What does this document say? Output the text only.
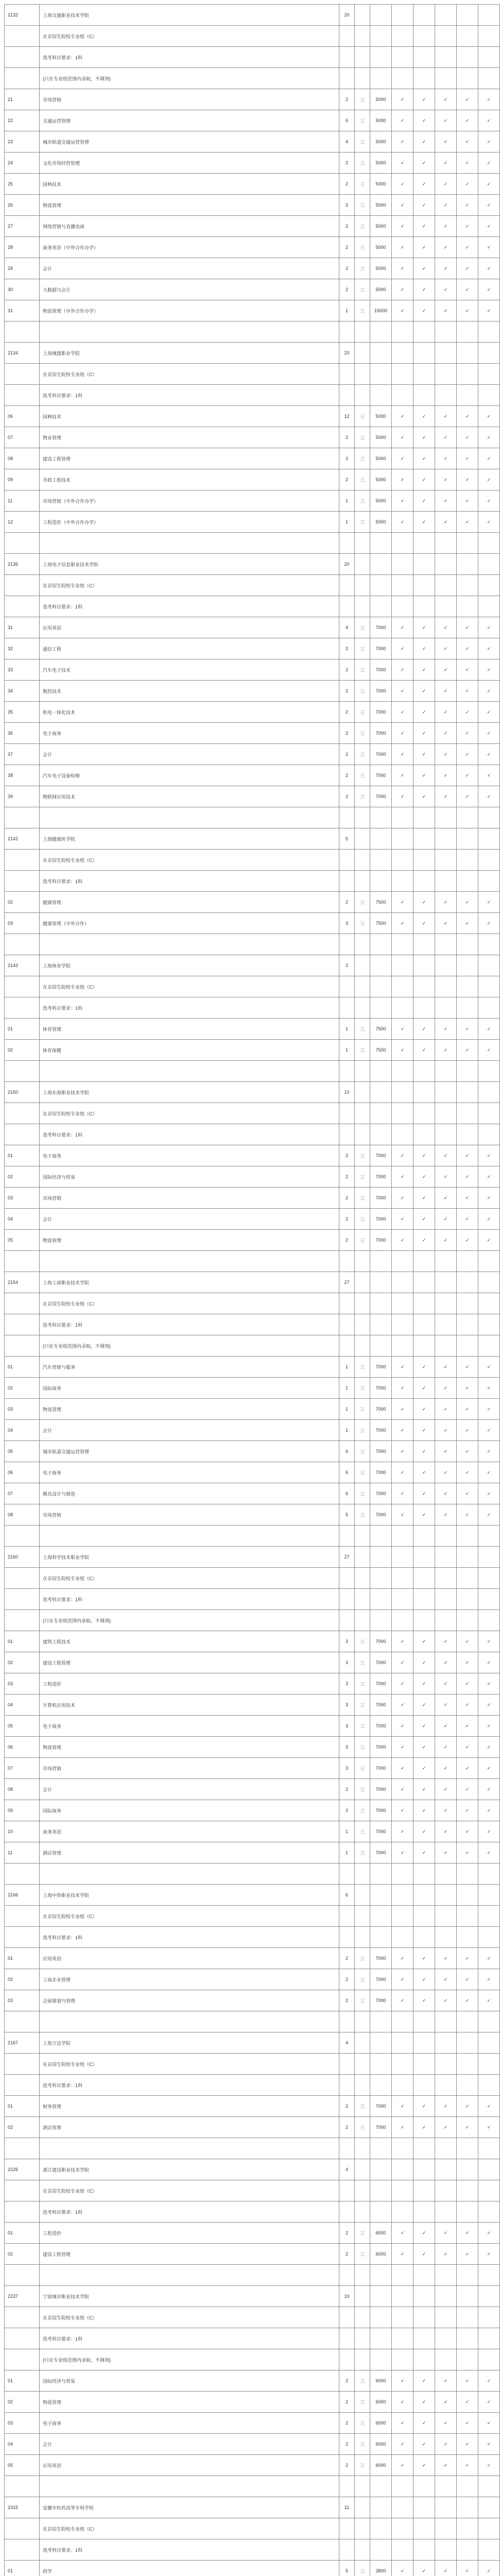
2132	上海交通职业技术学院	20							
	在京招生院校专业组（C）								
	选考科目要求：1科								
	(只在专业组范围内录取，不调剂)								
21	市场营销	2	三	5000	✓	✓	✓	✓	✓
22	交通运营管理	6	三	5000	✓	✓	✓	✓	✓
23	城市轨道交通运营管理	4	三	5000	✓	✓	✓	✓	✓
24	文化市场经营管理	2	三	5000	✓	✓	✓	✓	✓
25	园林技术	2	三	5000	✓	✓	✓	✓	✓
26	物流管理	2	三	5000	✓	✓	✓	✓	✓
27	网络营销与直播电商	2	三	5000	✓	✓	✓	✓	✓
28	商务英语（中外合作办学）	2	三	5000	✓	✓	✓	✓	✓
29	会计	2	三	5000	✓	✓	✓	✓	✓
30	大数据与会计	2	三	5000	✓	✓	✓	✓	✓
31	物流管理（中外合作办学）	1	三	15000	✓	✓	✓	✓	✓

2134	上海城建职业学院	20							
	在京招生院校专业组（C）								
	选考科目要求：1科								
06	园林技术	12	三	5000	✓	✓	✓	✓	✓
07	物业管理	2	三	5000	✓	✓	✓	✓	✓
08	建设工程管理	2	三	5000	✓	✓	✓	✓	✓
09	市政工程技术	2	三	5000	✓	✓	✓	✓	✓
11	市场营销（中外合作办学）	1	三	5000	✓	✓	✓	✓	✓
12	工程造价（中外合作办学）	1	三	5000	✓	✓	✓	✓	✓

2136	上海电子信息职业技术学院	20							
	在京招生院校专业组（C）								
	选考科目要求：1科								
31	应用英语	4	三	7000	✓	✓	✓	✓	✓
32	通信工程	2	三	7000	✓	✓	✓	✓	✓
33	汽车电子技术	2	三	7000	✓	✓	✓	✓	✓
34	数控技术	2	三	7000	✓	✓	✓	✓	✓
35	机电一体化技术	2	三	7000	✓	✓	✓	✓	✓
36	电子商务	2	三	7000	✓	✓	✓	✓	✓
37	会计	2	三	7000	✓	✓	✓	✓	✓
38	汽车电子设备检修	2	三	7000	✓	✓	✓	✓	✓
39	物联网应用技术	2	三	7000	✓	✓	✓	✓	✓

2142	上海健康医学院	5							
	在京招生院校专业组（C）								
	选考科目要求：1科								
02	健康管理	2	三	7500	✓	✓	✓	✓	✓
03	健康管理（中外合作）	3	三	7500	✓	✓	✓	✓	✓

2143	上海体育学院	2							
	在京招生院校专业组（C）								
	选考科目要求：1科								
01	体育管理	1	三	7500	✓	✓	✓	✓	✓
02	体育保健	1	三	7500	✓	✓	✓	✓	✓

2150	上海东海职业技术学院	10							
	在京招生院校专业组（C）								
	选考科目要求：1科								
01	电子商务	2	三	7000	✓	✓	✓	✓	✓
02	国际经济与贸易	2	三	7000	✓	✓	✓	✓	✓
03	市场营销	2	三	7000	✓	✓	✓	✓	✓
04	会计	2	三	7000	✓	✓	✓	✓	✓
05	物流管理	2	三	7000	✓	✓	✓	✓	✓

2154	上海工商职业技术学院	27							
	在京招生院校专业组（C）								
	选考科目要求：1科								
	(只在专业组范围内录取，不调剂)								
01	汽车营销与服务	1	三	7000	✓	✓	✓	✓	✓
02	国际商务	1	三	7000	✓	✓	✓	✓	✓
03	物流管理	1	三	7000	✓	✓	✓	✓	✓
04	会计	1	三	7000	✓	✓	✓	✓	✓
05	城市轨道交通运营管理	6	三	7000	✓	✓	✓	✓	✓
06	电子商务	6	三	7000	✓	✓	✓	✓	✓
07	模具设计与制造	6	三	7000	✓	✓	✓	✓	✓
08	市场营销	5	三	7000	✓	✓	✓	✓	✓

2160	上海科学技术职业学院	27							
	在京招生院校专业组（C）								
	选考科目要求：1科								
	(只在专业组范围内录取，不调剂)								
01	建筑工程技术	3	三	7000	✓	✓	✓	✓	✓
02	建设工程管理	3	三	7000	✓	✓	✓	✓	✓
03	工程造价	3	三	7000	✓	✓	✓	✓	✓
04	计算机应用技术	3	三	7000	✓	✓	✓	✓	✓
05	电子商务	3	三	7000	✓	✓	✓	✓	✓
06	物流管理	3	三	7000	✓	✓	✓	✓	✓
07	市场营销	3	三	7000	✓	✓	✓	✓	✓
08	会计	2	三	7000	✓	✓	✓	✓	✓
09	国际商务	2	三	7000	✓	✓	✓	✓	✓
10	商务英语	1	三	7000	✓	✓	✓	✓	✓
11	酒店管理	1	三	7000	✓	✓	✓	✓	✓

2166	上海中侨职业技术学院	6							
	在京招生院校专业组（C）								
	选考科目要求：1科								
01	应用英语	2	三	7000	✓	✓	✓	✓	✓
02	工商企业管理	2	三	7000	✓	✓	✓	✓	✓
03	会展策划与管理	2	三	7000	✓	✓	✓	✓	✓

2167	上海立达学院	4							
	在京招生院校专业组（C）								
	选考科目要求：1科								
01	财务管理	2	三	7000	✓	✓	✓	✓	✓
02	酒店管理	2	三	7000	✓	✓	✓	✓	✓

2226	浙江建设职业技术学院	4							
	在京招生院校专业组（C）								
	选考科目要求：1科								
01	工程造价	2	三	6000	✓	✓	✓	✓	✓
02	建设工程管理	2	三	6000	✓	✓	✓	✓	✓

2237	宁波城市职业技术学院	10							
	在京招生院校专业组（C）								
	选考科目要求：1科								
	(只在专业组范围内录取，不调剂)								
01	国际经济与贸易	2	三	6000	✓	✓	✓	✓	✓
02	物流管理	2	三	6000	✓	✓	✓	✓	✓
03	电子商务	2	三	6000	✓	✓	✓	✓	✓
04	会计	2	三	6000	✓	✓	✓	✓	✓
05	应用英语	2	三	6000	✓	✓	✓	✓	✓

2315	安徽中医药高等专科学校	11							
	在京招生院校专业组（C）								
	选考科目要求：1科								
01	药学	5	三	3800	✓	✓	✓	✓	✓
